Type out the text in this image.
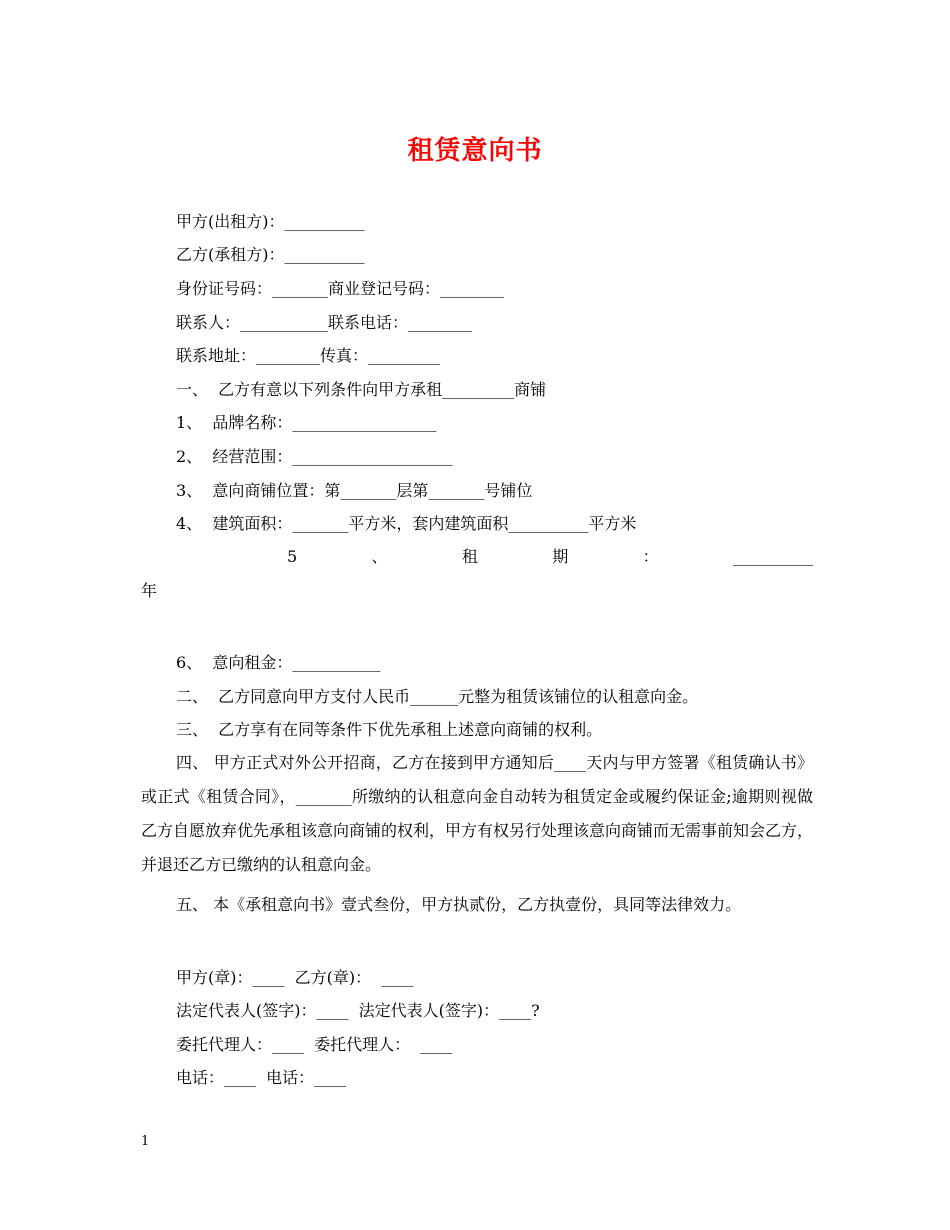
租赁意向书
甲方(出租方)：__________
乙方(承租方)：__________
身份证号码：_______商业登记号码：________
联系人：___________联系电话：________
联系地址：________传真：_________
一、  乙方有意以下列条件向甲方承租_________商铺
1、  品牌名称：__________________
2、  经营范围：____________________
3、  意向商铺位置：第_______层第_______号铺位
4、  建筑面积：_______平方米，套内建筑面积__________平方米
5	、	租	期	：	__________
年
6、  意向租金：___________
二、  乙方同意向甲方支付人民币______元整为租赁该铺位的认租意向金。
三、  乙方享有在同等条件下优先承租上述意向商铺的权利。
四、 甲方正式对外公开招商，乙方在接到甲方通知后____天内与甲方签署《租赁确认书》或正式《租赁合同》，_______所缴纳的认租意向金自动转为租赁定金或履约保证金;逾期则视做乙方自愿放弃优先承租该意向商铺的权利，甲方有权另行处理该意向商铺而无需事前知会乙方，并退还乙方已缴纳的认租意向金。
五、 本《承租意向书》壹式叁份，甲方执贰份，乙方执壹份，具同等法律效力。
甲方(章)：____  乙方(章)：  ____
法定代表人(签字)：____  法定代表人(签字)：____?
委托代理人：____  委托代理人：  ____
电话：____  电话：____
1
